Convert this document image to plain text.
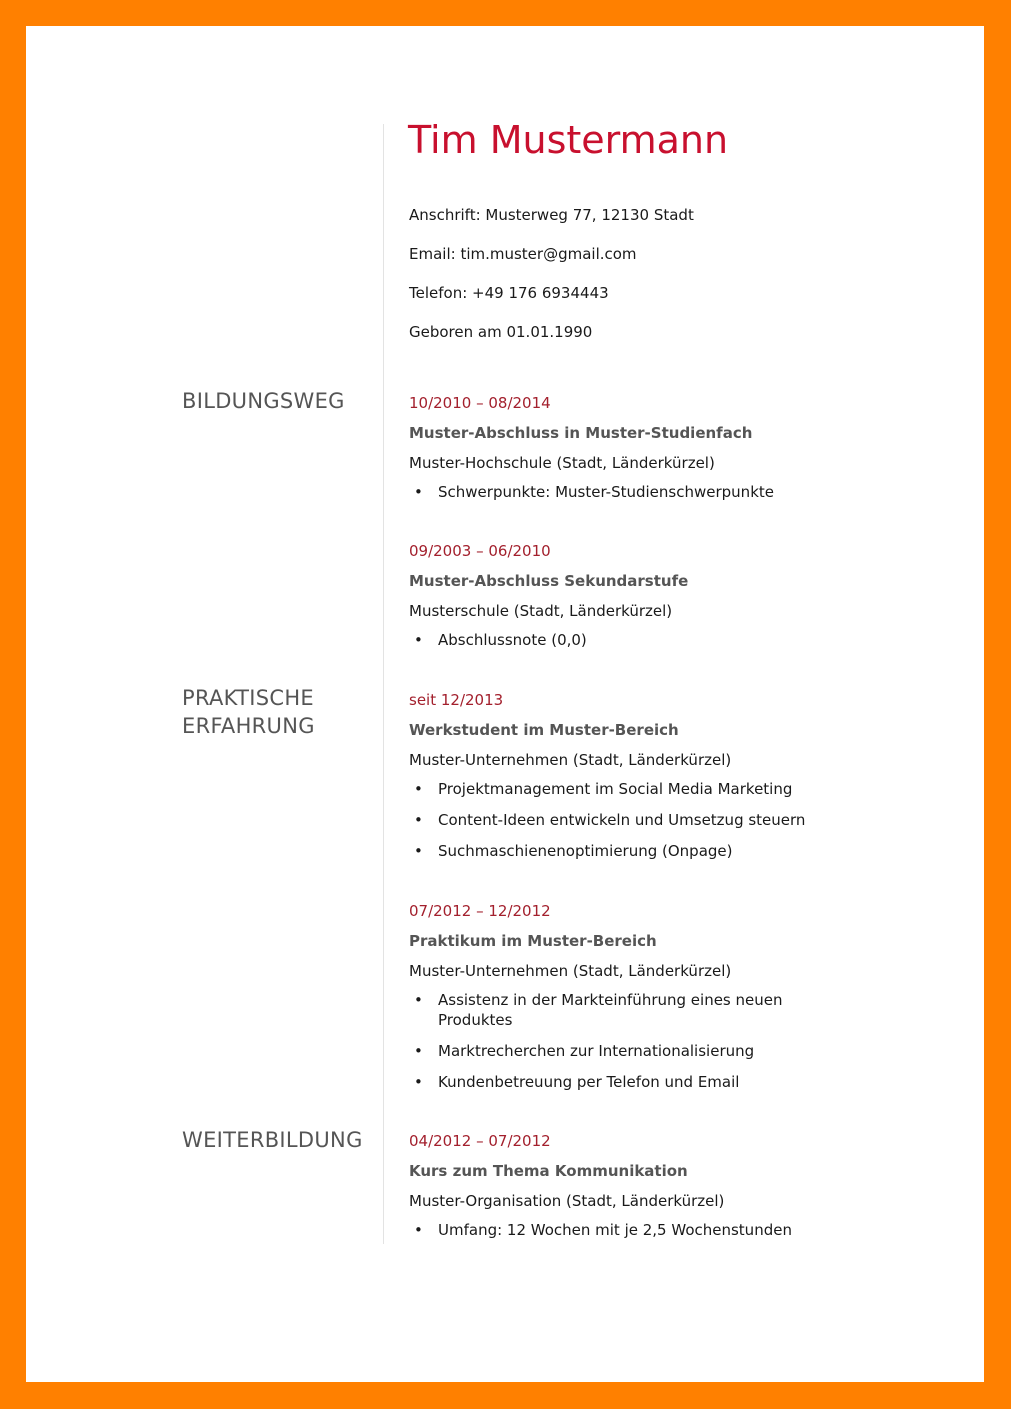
Tim Mustermann
Anschrift: Musterweg 77, 12130 Stadt
Email: tim.muster@gmail.com
Telefon: +49 176 6934443
Geboren am 01.01.1990
BILDUNGSWEG
PRAKTISCHE
ERFAHRUNG
WEITERBILDUNG
10/2010 – 08/2014
Muster-Abschluss in Muster-Studienfach
Muster-Hochschule (Stadt, Länderkürzel)
• Schwerpunkte: Muster-Studienschwerpunkte
09/2003 – 06/2010
Muster-Abschluss Sekundarstufe
Musterschule (Stadt, Länderkürzel)
• Abschlussnote (0,0)
seit 12/2013
Werkstudent im Muster-Bereich
Muster-Unternehmen (Stadt, Länderkürzel)
• Projektmanagement im Social Media Marketing
• Content-Ideen entwickeln und Umsetzug steuern
• Suchmaschienenoptimierung (Onpage)
07/2012 – 12/2012
Praktikum im Muster-Bereich
Muster-Unternehmen (Stadt, Länderkürzel)
• Assistenz in der Markteinführung eines neuen Produktes
• Marktrecherchen zur Internationalisierung
• Kundenbetreuung per Telefon und Email
04/2012 – 07/2012
Kurs zum Thema Kommunikation
Muster-Organisation (Stadt, Länderkürzel)
• Umfang: 12 Wochen mit je 2,5 Wochenstunden
